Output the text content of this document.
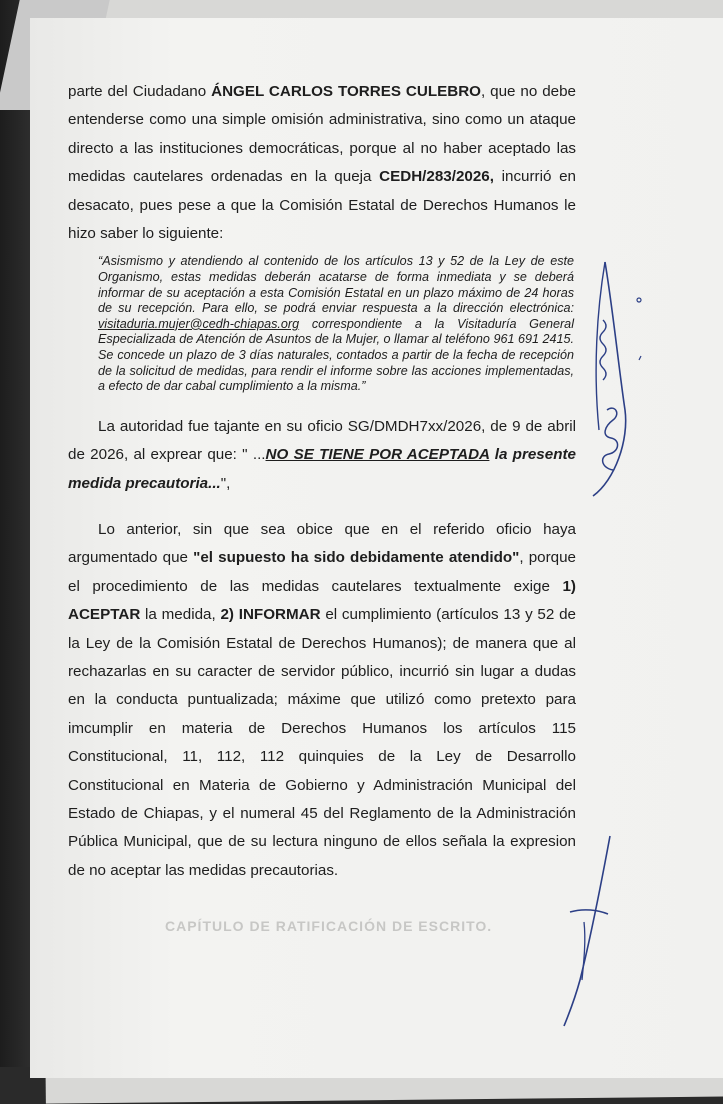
CAPÍTULO DE RATIFICACIÓN DE ESCRITO.

parte del Ciudadano ÁNGEL CARLOS TORRES CULEBRO, que no debe entenderse como una simple omisión administrativa, sino como un ataque directo a las instituciones democráticas, porque al no haber aceptado las medidas cautelares ordenadas en la queja CEDH/283/2026, incurrió en desacato, pues pese a que la Comisión Estatal de Derechos Humanos le hizo saber lo siguiente:

“Asismismo y atendiendo al contenido de los artículos 13 y 52 de la Ley de este Organismo, estas medidas deberán acatarse de forma inmediata y se deberá informar de su aceptación a esta Comisión Estatal en un plazo máximo de 24 horas de su recepción. Para ello, se podrá enviar respuesta a la dirección electrónica: visitaduria.mujer@cedh-chiapas.org correspondiente a la Visitaduría General Especializada de Atención de Asuntos de la Mujer, o llamar al teléfono 961 691 2415. Se concede un plazo de 3 días naturales, contados a partir de la fecha de recepción de la solicitud de medidas, para rendir el informe sobre las acciones implementadas, a efecto de dar cabal cumplimiento a la misma.”

La autoridad fue tajante en su oficio SG/DMDH7xx/2026, de 9 de abril de 2026, al exprear que: " ...NO SE TIENE POR ACEPTADA la presente medida precautoria...",

Lo anterior, sin que sea obice que en el referido oficio haya argumentado que "el supuesto ha sido debidamente atendido", porque el procedimiento de las medidas cautelares textualmente exige 1) ACEPTAR la medida, 2) INFORMAR el cumplimiento (artículos 13 y 52 de la Ley de la Comisión Estatal de Derechos Humanos); de manera que al rechazarlas en su caracter de servidor público, incurrió sin lugar a dudas en la conducta puntualizada; máxime que utilizó como pretexto para imcumplir en materia de Derechos Humanos los artículos 115 Constitucional, 11, 112, 112 quinquies de la Ley de Desarrollo Constitucional en Materia de Gobierno y Administración Municipal del Estado de Chiapas, y el numeral 45 del Reglamento de la Administración Pública Municipal, que de su lectura ninguno de ellos señala la expresion de no aceptar las medidas precautorias.
